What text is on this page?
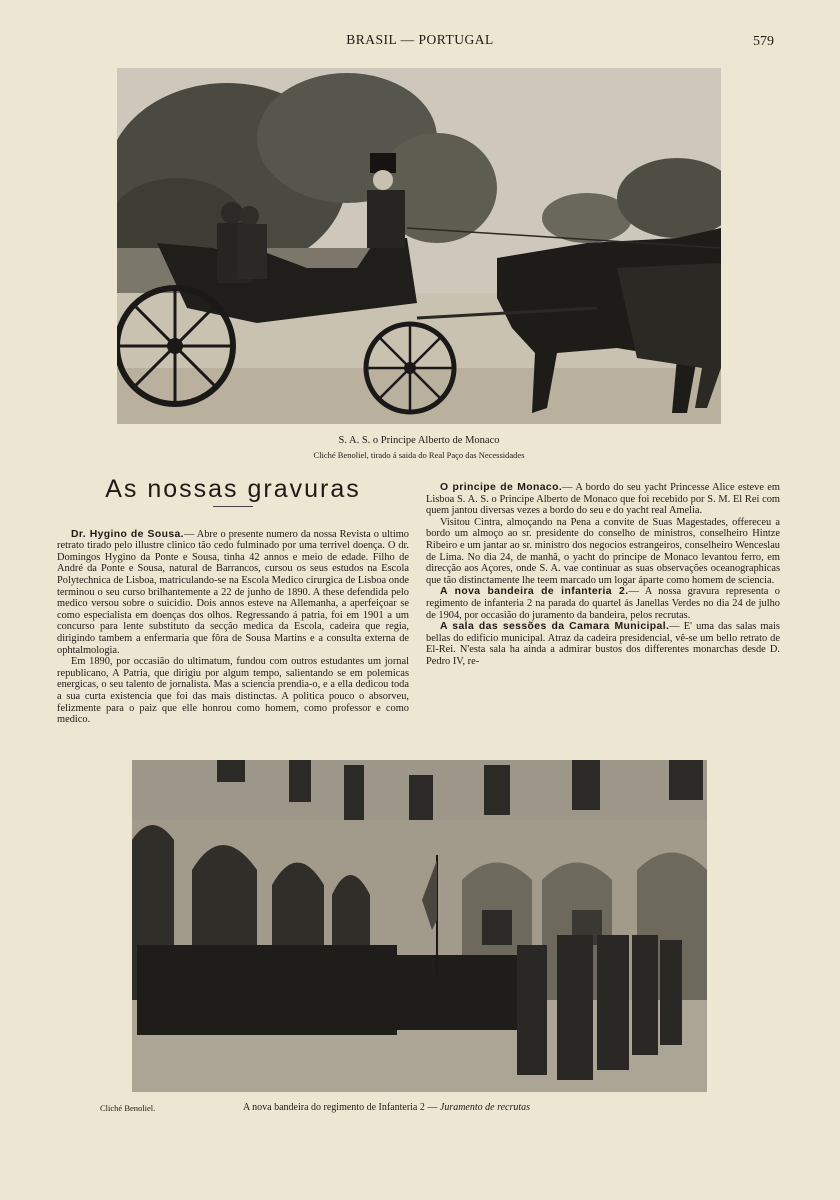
BRASIL — PORTUGAL	579
S. A. S. o Principe Alberto de Monaco
Cliché Benoliel, tirado á saida do Real Paço das Necessidades
As nossas gravuras

Dr. Hygino de Sousa.— Abre o presente numero da nossa Revista o ultimo retrato tirado pelo illustre clinico tão cedo fulminado por uma terrivel doença. O dr. Domingos Hygino da Ponte e Sousa, tinha 42 annos e meio de edade. Filho de André da Ponte e Sousa, natural de Barrancos, cursou os seus estudos na Escola Polytechnica de Lisboa, matriculando-se na Escola Medico cirurgica de Lisboa onde terminou o seu curso brilhantemente a 22 de junho de 1890. A these defendida pelo medico versou sobre o suicidio. Dois annos esteve na Allemanha, a aperfeiçoar se como especialista em doenças dos olhos. Regressando á patria, foi em 1901 a um concurso para lente substituto da secção medica da Escola, cadeira que regia, dirigindo tambem a enfermaria que fôra de Sousa Martins e a consulta externa de ophtalmologia.

Em 1890, por occasião do ultimatum, fundou com outros estudantes um jornal republicano, A Patria, que dirigiu por algum tempo, salientando se em polemicas energicas, o seu talento de jornalista. Mas a sciencia prendia-o, e a ella dedicou toda a sua curta existencia que foi das mais distinctas. A politica pouco o absorveu, felizmente para o paiz que elle honrou como homem, como professor e como medico.

O principe de Monaco.— A bordo do seu yacht Princesse Alice esteve em Lisboa S. A. S. o Principe Alberto de Monaco que foi recebido por S. M. El Rei com quem jantou diversas vezes a bordo do seu e do yacht real Amelia.

Visitou Cintra, almoçando na Pena a convite de Suas Magestades, offereceu a bordo um almoço ao sr. presidente do conselho de ministros, conselheiro Hintze Ribeiro e um jantar ao sr. ministro dos negocios estrangeiros, conselheiro Wenceslau de Lima. No dia 24, de manhã, o yacht do principe de Monaco levantou ferro, em direcção aos Açores, onde S. A. vae continuar as suas observações oceanographicas que tão distinctamente lhe teem marcado um logar áparte como homem de sciencia.

A nova bandeira de infanteria 2.— A nossa gravura representa o regimento de infanteria 2 na parada do quartel ás Janellas Verdes no dia 24 de julho de 1904, por occasião do juramento da bandeira, pelos recrutas.

A sala das sessões da Camara Municipal.— E' uma das salas mais bellas do edificio municipal. Atraz da cadeira presidencial, vê-se um bello retrato de El-Rei. N'esta sala ha ainda a admirar bustos dos differentes monarchas desde D. Pedro IV, re-

Cliché Benoliel.	A nova bandeira do regimento de Infanteria 2 — Juramento de recrutas
